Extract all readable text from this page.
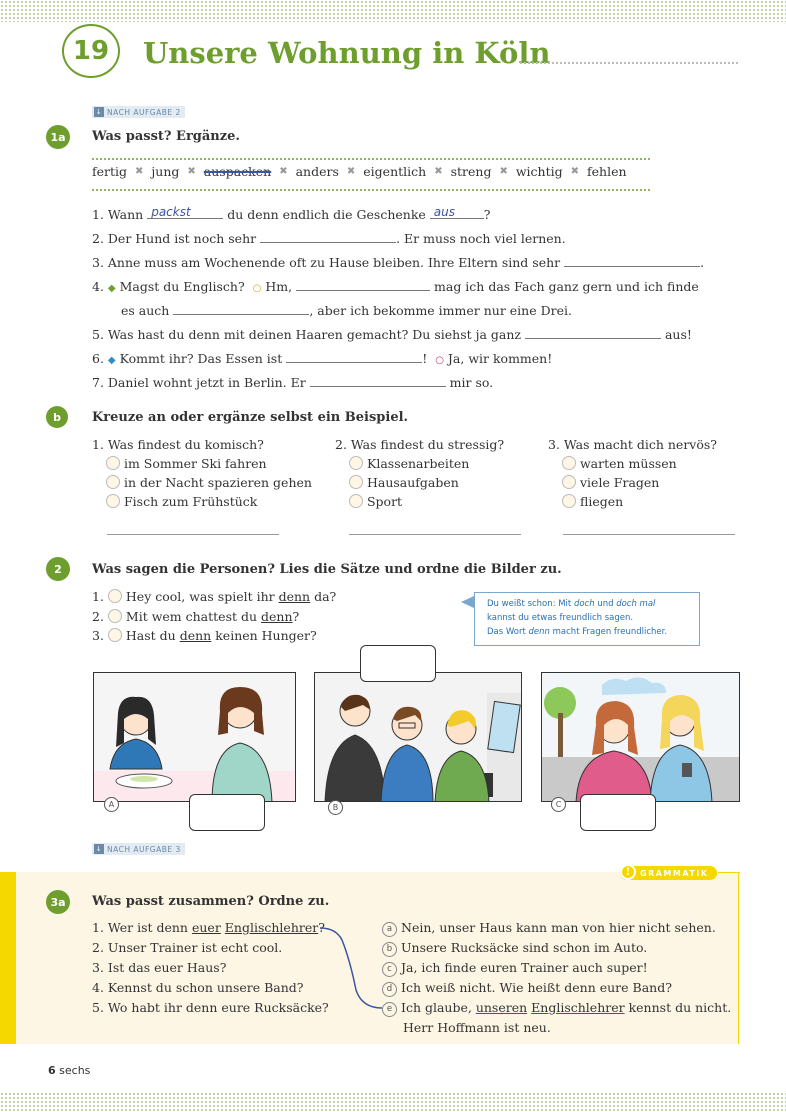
19	Unsere Wohnung in Köln
↓ NACH AUFGABE 2
1a	Was passt? Ergänze.
fertig ✖ jung ✖ auspacken ✖ anders ✖ eigentlich ✖ streng ✖ wichtig ✖ fehlen
1. Wann packst	du denn endlich die Geschenke aus ?
2. Der Hund ist noch sehr	. Er muss noch viel lernen.
3. Anne muss am Wochenende oft zu Hause bleiben. Ihre Eltern sind sehr	.
4. ◆ Magst du Englisch? ○ Hm,	mag ich das Fach ganz gern und ich finde
es auch	, aber ich bekomme immer nur eine Drei.
5. Was hast du denn mit deinen Haaren gemacht? Du siehst ja ganz	aus!
6. ◆ Kommt ihr? Das Essen ist	! ○ Ja, wir kommen!
7. Daniel wohnt jetzt in Berlin. Er	mir so.
b	Kreuze an oder ergänze selbst ein Beispiel.
1. Was findest du komisch?
im Sommer Ski fahren
in der Nacht spazieren gehen
Fisch zum Frühstück
2. Was findest du stressig?
Klassenarbeiten
Hausaufgaben
Sport
3. Was macht dich nervös?
warten müssen
viele Fragen
fliegen
2	Was sagen die Personen? Lies die Sätze und ordne die Bilder zu.
1. Hey cool, was spielt ihr denn da?
2. Mit wem chattest du denn?
3. Hast du denn keinen Hunger?
Du weißt schon: Mit doch und doch mal
kannst du etwas freundlich sagen.
Das Wort denn macht Fragen freundlicher.
A	B	C
↓ NACH AUFGABE 3
GRAMMATIK
!
3a	Was passt zusammen? Ordne zu.
1. Wer ist denn euer Englischlehrer?
2. Unser Trainer ist echt cool.
3. Ist das euer Haus?
4. Kennst du schon unsere Band?
5. Wo habt ihr denn eure Rucksäcke?
a Nein, unser Haus kann man von hier nicht sehen.
b Unsere Rucksäcke sind schon im Auto.
c Ja, ich finde euren Trainer auch super!
d Ich weiß nicht. Wie heißt denn eure Band?
e Ich glaube, unseren Englischlehrer kennst du nicht.
Herr Hoffmann ist neu.
6 sechs
